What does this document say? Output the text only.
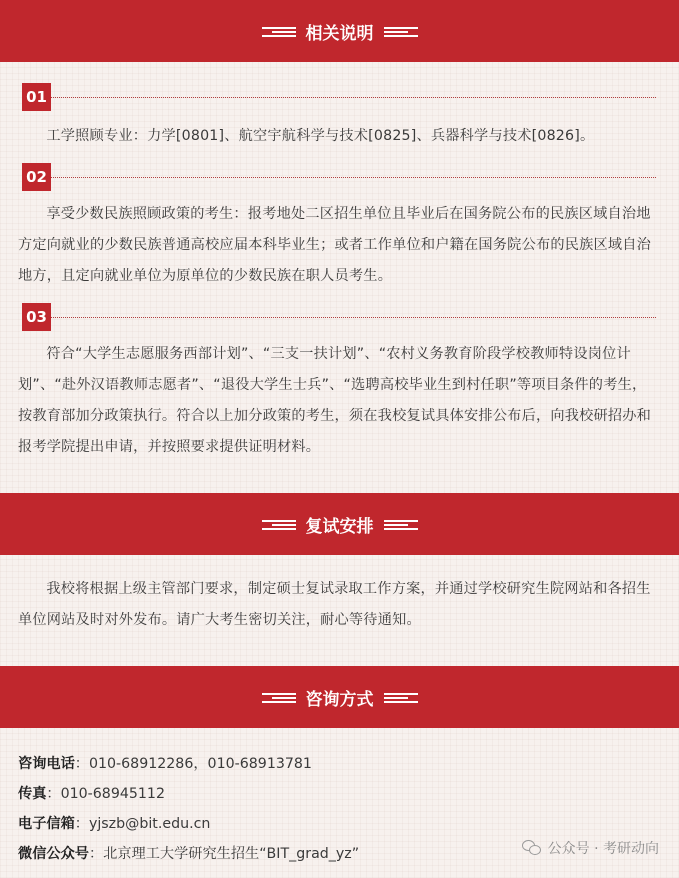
相关说明
01

工学照顾专业：力学[0801]、航空宇航科学与技术[0825]、兵器科学与技术[0826]。

02

享受少数民族照顾政策的考生：报考地处二区招生单位且毕业后在国务院公布的民族区域自治地方定向就业的少数民族普通高校应届本科毕业生；或者工作单位和户籍在国务院公布的民族区域自治地方，且定向就业单位为原单位的少数民族在职人员考生。

03

符合“大学生志愿服务西部计划”、“三支一扶计划”、“农村义务教育阶段学校教师特设岗位计划”、“赴外汉语教师志愿者”、“退役大学生士兵”、“选聘高校毕业生到村任职”等项目条件的考生，按教育部加分政策执行。符合以上加分政策的考生，须在我校复试具体安排公布后，向我校研招办和报考学院提出申请，并按照要求提供证明材料。

复试安排

我校将根据上级主管部门要求，制定硕士复试录取工作方案，并通过学校研究生院网站和各招生单位网站及时对外发布。请广大考生密切关注，耐心等待通知。

咨询方式
咨询电话：010-68912286，010-68913781
传真：010-68945112
电子信箱：yjszb@bit.edu.cn
微信公众号：北京理工大学研究生招生“BIT_grad_yz”	公众号 · 考研动向
